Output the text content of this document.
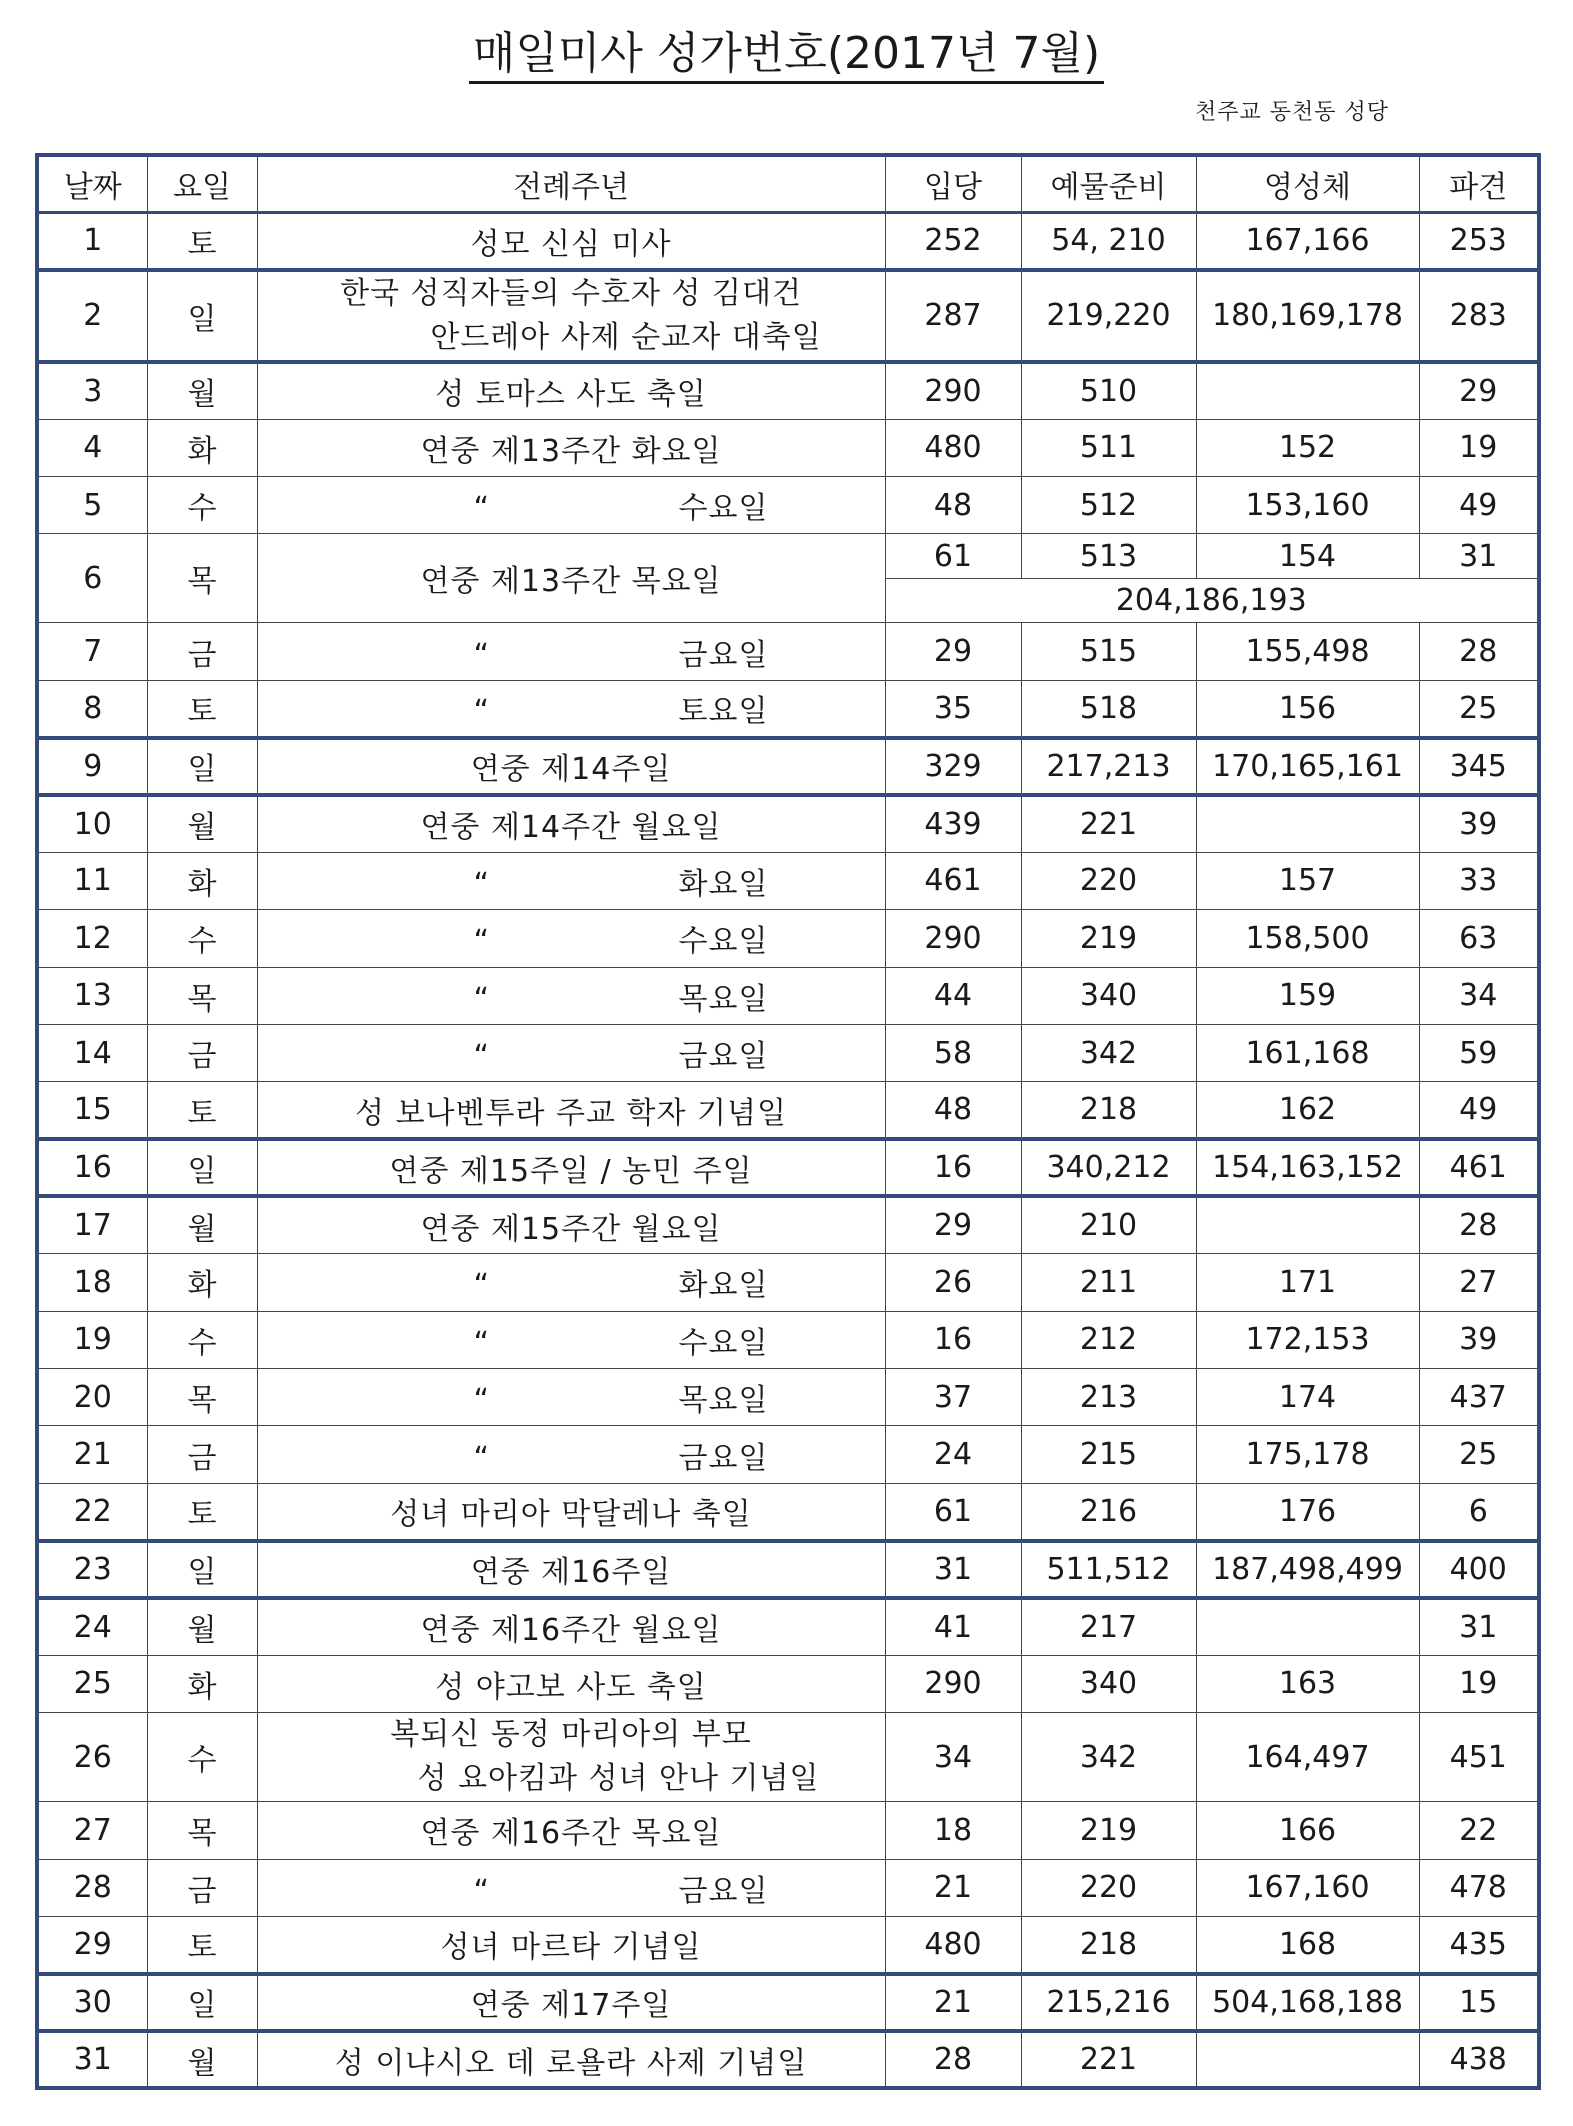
매일미사 성가번호(2017년 7월)
천주교 동천동 성당
날짜	요일	전례주년	입당	예물준비	영성체	파견
1	토	성모 신심 미사	252	54, 210	167,166	253
2	일	한국 성직자들의 수호자 성 김대건
안드레아 사제 순교자 대축일	287	219,220	180,169,178	283
3	월	성 토마스 사도 축일	290	510		29
4	화	연중 제13주간 화요일	480	511	152	19
5	수	“ 수요일	48	512	153,160	49
6	목	연중 제13주간 목요일	61	513	154	31
			204,186,193			
7	금	“ 금요일	29	515	155,498	28
8	토	“ 토요일	35	518	156	25
9	일	연중 제14주일	329	217,213	170,165,161	345
10	월	연중 제14주간 월요일	439	221		39
11	화	“ 화요일	461	220	157	33
12	수	“ 수요일	290	219	158,500	63
13	목	“ 목요일	44	340	159	34
14	금	“ 금요일	58	342	161,168	59
15	토	성 보나벤투라 주교 학자 기념일	48	218	162	49
16	일	연중 제15주일 / 농민 주일	16	340,212	154,163,152	461
17	월	연중 제15주간 월요일	29	210		28
18	화	“ 화요일	26	211	171	27
19	수	“ 수요일	16	212	172,153	39
20	목	“ 목요일	37	213	174	437
21	금	“ 금요일	24	215	175,178	25
22	토	성녀 마리아 막달레나 축일	61	216	176	6
23	일	연중 제16주일	31	511,512	187,498,499	400
24	월	연중 제16주간 월요일	41	217		31
25	화	성 야고보 사도 축일	290	340	163	19
26	수	복되신 동정 마리아의 부모
성 요아킴과 성녀 안나 기념일	34	342	164,497	451
27	목	연중 제16주간 목요일	18	219	166	22
28	금	“ 금요일	21	220	167,160	478
29	토	성녀 마르타 기념일	480	218	168	435
30	일	연중 제17주일	21	215,216	504,168,188	15
31	월	성 이냐시오 데 로욜라 사제 기념일	28	221		438
